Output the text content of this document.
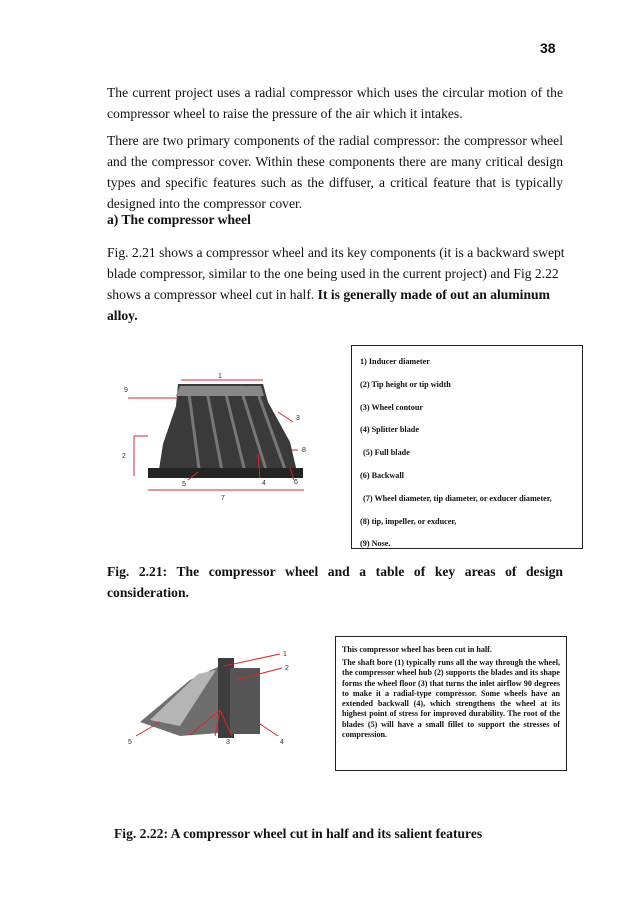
38

The current project uses a radial compressor which uses the circular motion of the compressor wheel to raise the pressure of the air which it intakes.

There are two primary components of the radial compressor: the compressor wheel and the compressor cover. Within these components there are many critical design types and specific features such as the diffuser, a critical feature that is typically designed into the compressor cover.

a) The compressor wheel

Fig. 2.21 shows a compressor wheel and its key components (it is a backward swept blade compressor, similar to the one being used in the current project) and Fig 2.22 shows a compressor wheel cut in half. It is generally made of out an aluminum alloy.

9
1
3
2
8
4	6
5
7
1) Inducer diameter
(2) Tip height or tip width
(3) Wheel contour
(4) Splitter blade
(5) Full blade
(6) Backwall
(7) Wheel diameter, tip diameter, or exducer diameter,
(8) tip, impeller, or exducer,
(9) Nose.
Fig. 2.21: The compressor wheel and a table of key areas of design consideration.
1
2
3	4
5
This compressor wheel has been cut in half.
The shaft bore (1) typically runs all the way through the wheel, the compressor wheel hub (2) supports the blades and its shape forms the wheel floor (3) that turns the inlet airflow 90 degrees to make it a radial-type compressor. Some wheels have an extended backwall (4), which strengthens the wheel at its highest point of stress for improved durability. The root of the blades (5) will have a small fillet to support the stresses of compression.
Fig. 2.22: A compressor wheel cut in half and its salient features
